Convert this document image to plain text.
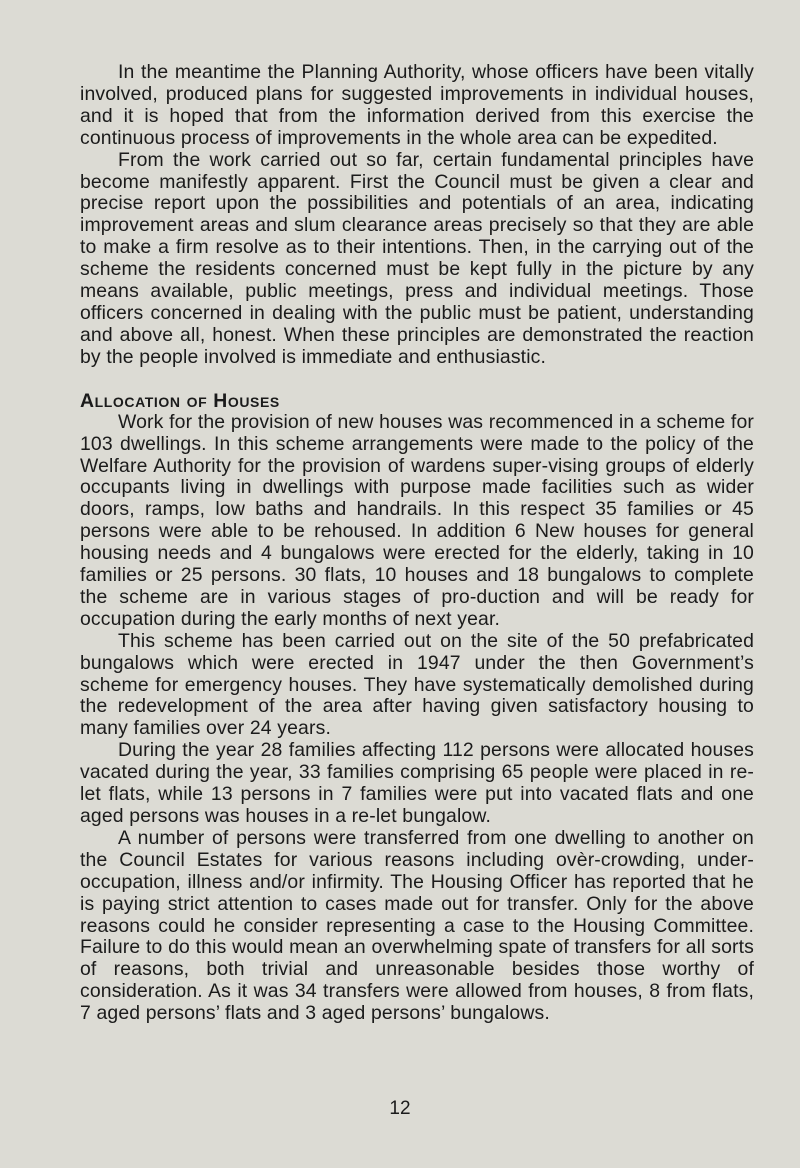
In the meantime the Planning Authority, whose officers have been vitally involved, produced plans for suggested improvements in individual houses, and it is hoped that from the information derived from this exercise the continuous process of improvements in the whole area can be expedited.

From the work carried out so far, certain fundamental principles have become manifestly apparent. First the Council must be given a clear and precise report upon the possibilities and potentials of an area, indicating improvement areas and slum clearance areas precisely so that they are able to make a firm resolve as to their intentions. Then, in the carrying out of the scheme the residents concerned must be kept fully in the picture by any means available, public meetings, press and individual meetings. Those officers concerned in dealing with the public must be patient, understanding and above all, honest. When these principles are demonstrated the reaction by the people involved is immediate and enthusiastic.

Allocation of Houses

Work for the provision of new houses was recommenced in a scheme for 103 dwellings. In this scheme arrangements were made to the policy of the Welfare Authority for the provision of wardens super-vising groups of elderly occupants living in dwellings with purpose made facilities such as wider doors, ramps, low baths and handrails. In this respect 35 families or 45 persons were able to be rehoused. In addition 6 New houses for general housing needs and 4 bungalows were erected for the elderly, taking in 10 families or 25 persons. 30 flats, 10 houses and 18 bungalows to complete the scheme are in various stages of pro-duction and will be ready for occupation during the early months of next year.

This scheme has been carried out on the site of the 50 prefabricated bungalows which were erected in 1947 under the then Government’s scheme for emergency houses. They have systematically demolished during the redevelopment of the area after having given satisfactory housing to many families over 24 years.

During the year 28 families affecting 112 persons were allocated houses vacated during the year, 33 families comprising 65 people were placed in re-let flats, while 13 persons in 7 families were put into vacated flats and one aged persons was houses in a re-let bungalow.

A number of persons were transferred from one dwelling to another on the Council Estates for various reasons including ovèr-crowding, under-occupation, illness and/or infirmity. The Housing Officer has reported that he is paying strict attention to cases made out for transfer. Only for the above reasons could he consider representing a case to the Housing Committee. Failure to do this would mean an overwhelming spate of transfers for all sorts of reasons, both trivial and unreasonable besides those worthy of consideration. As it was 34 transfers were allowed from houses, 8 from flats, 7 aged persons’ flats and 3 aged persons’ bungalows.

12
